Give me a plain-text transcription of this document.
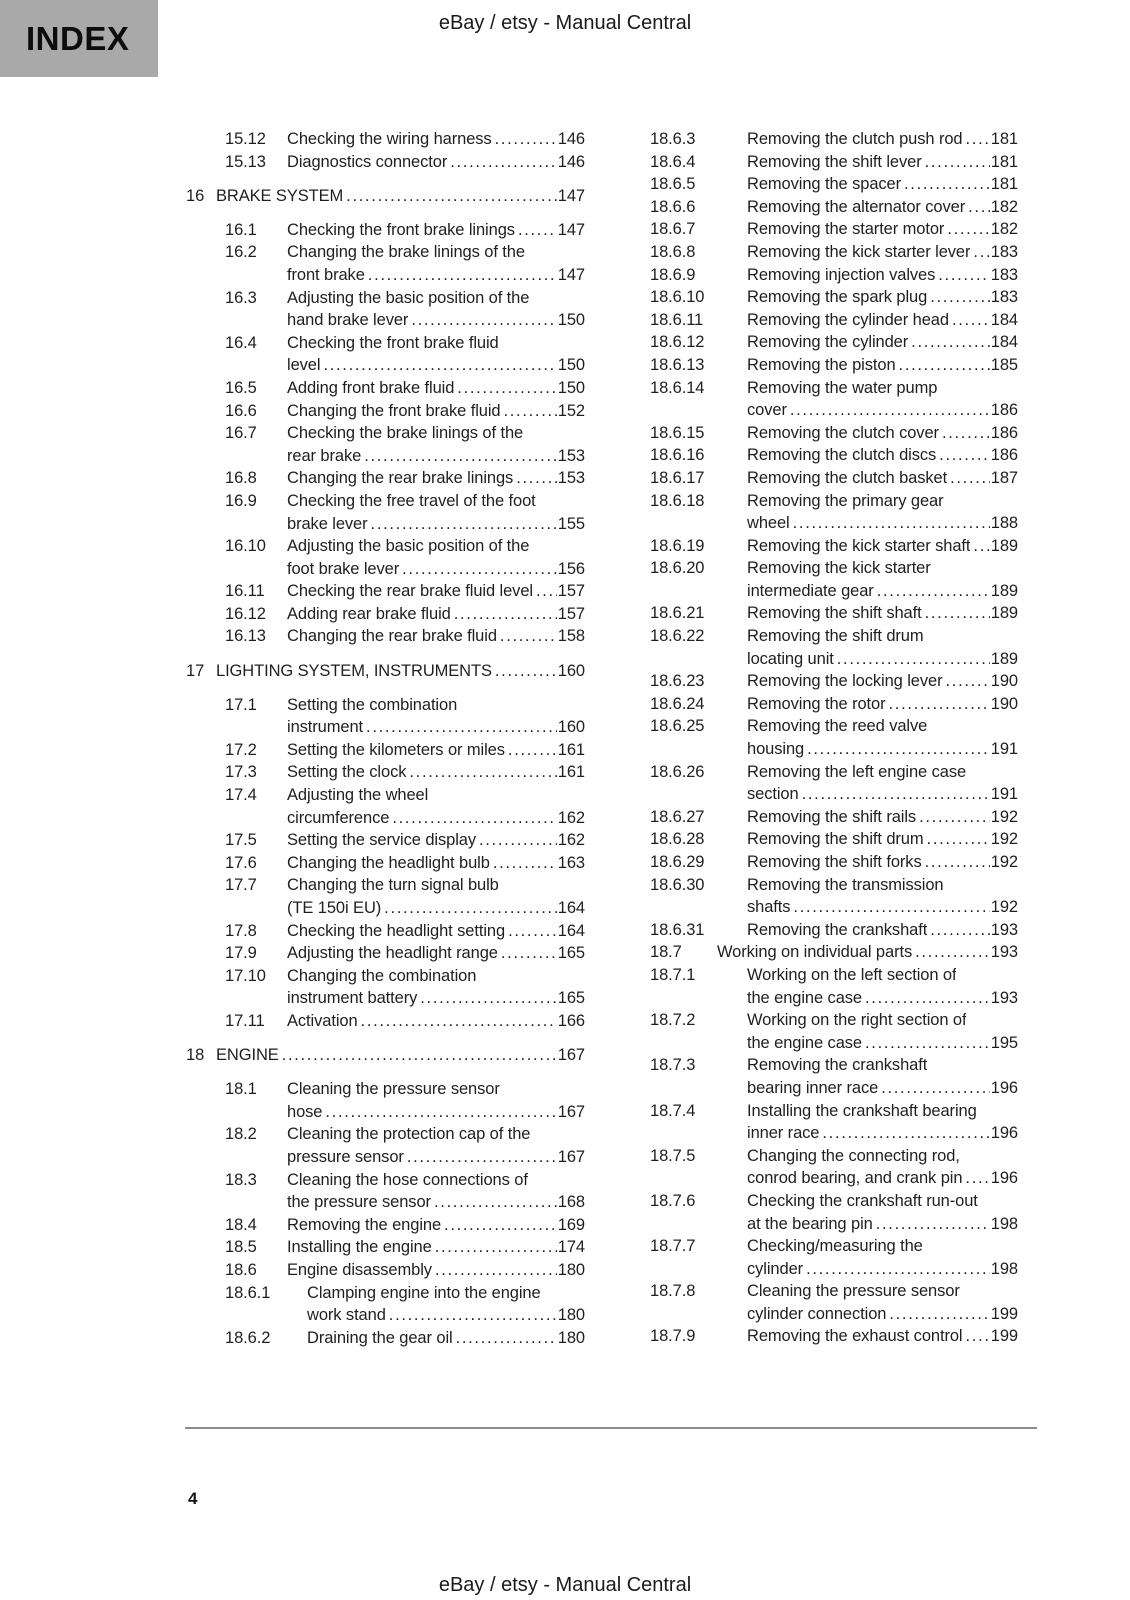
INDEX	eBay / etsy - Manual Central
15.12	Checking the wiring harness .....	146
15.13	Diagnostics connector .....	146
16 BRAKE SYSTEM .....	147
16.1	Checking the front brake linings .....	147
16.2	Changing the brake linings of the
front brake .....	147
16.3	Adjusting the basic position of the
hand brake lever .....	150
16.4	Checking the front brake fluid
level .....	150
16.5	Adding front brake fluid .....	150
16.6	Changing the front brake fluid .....	152
16.7	Checking the brake linings of the
rear brake .....	153
16.8	Changing the rear brake linings .....	153
16.9	Checking the free travel of the foot
brake lever .....	155
16.10	Adjusting the basic position of the
foot brake lever .....	156
16.11	Checking the rear brake fluid level ..... 157
16.12	Adding rear brake fluid .....	157
16.13	Changing the rear brake fluid .....	158
17 LIGHTING SYSTEM, INSTRUMENTS .....	160
17.1	Setting the combination
instrument .....	160
17.2	Setting the kilometers or miles .....	161
17.3	Setting the clock .....	161
17.4	Adjusting the wheel
circumference .....	162
17.5	Setting the service display .....	162
17.6	Changing the headlight bulb .....	163
17.7	Changing the turn signal bulb
(TE 150i EU) .....	164
17.8	Checking the headlight setting .....	164
17.9	Adjusting the headlight range .....	165
17.10	Changing the combination
instrument battery .....	165
17.11	Activation .....	166
18 ENGINE .....	167
18.1	Cleaning the pressure sensor
hose .....	167
18.2	Cleaning the protection cap of the
pressure sensor .....	167
18.3	Cleaning the hose connections of
the pressure sensor .....	168
18.4	Removing the engine .....	169
18.5	Installing the engine .....	174
18.6	Engine disassembly .....	180
18.6.1	Clamping engine into the engine
work stand .....	180
18.6.2	Draining the gear oil .....	180
18.6.3	Removing the clutch push rod ..... 181
18.6.4	Removing the shift lever .....	181
18.6.5	Removing the spacer .....	181
18.6.6	Removing the alternator cover ..... 182
18.6.7	Removing the starter motor .....	182
18.6.8	Removing the kick starter lever ..... 183
18.6.9	Removing injection valves .....	183
18.6.10	Removing the spark plug .....	183
18.6.11	Removing the cylinder head .....	184
18.6.12	Removing the cylinder .....	184
18.6.13	Removing the piston .....	185
18.6.14	Removing the water pump
cover .....	186
18.6.15	Removing the clutch cover .....	186
18.6.16	Removing the clutch discs .....	186
18.6.17	Removing the clutch basket .....	187
18.6.18	Removing the primary gear
wheel .....	188
18.6.19	Removing the kick starter shaft ..... 189
18.6.20	Removing the kick starter
intermediate gear .....	189
18.6.21	Removing the shift shaft .....	189
18.6.22	Removing the shift drum
locating unit .....	189
18.6.23	Removing the locking lever .....	190
18.6.24	Removing the rotor .....	190
18.6.25	Removing the reed valve
housing .....	191
18.6.26	Removing the left engine case
section .....	191
18.6.27	Removing the shift rails .....	192
18.6.28	Removing the shift drum .....	192
18.6.29	Removing the shift forks .....	192
18.6.30	Removing the transmission
shafts .....	192
18.6.31	Removing the crankshaft .....	193
18.7	Working on individual parts .....	193
18.7.1	Working on the left section of
the engine case .....	193
18.7.2	Working on the right section of
the engine case .....	195
18.7.3	Removing the crankshaft
bearing inner race .....	196
18.7.4	Installing the crankshaft bearing
inner race .....	196
18.7.5	Changing the connecting rod,
conrod bearing, and crank pin ..... 196
18.7.6	Checking the crankshaft run-out
at the bearing pin .....	198
18.7.7	Checking/measuring the
cylinder .....	198
18.7.8	Cleaning the pressure sensor
cylinder connection .....	199
18.7.9	Removing the exhaust control ..... 199
4
eBay / etsy - Manual Central
